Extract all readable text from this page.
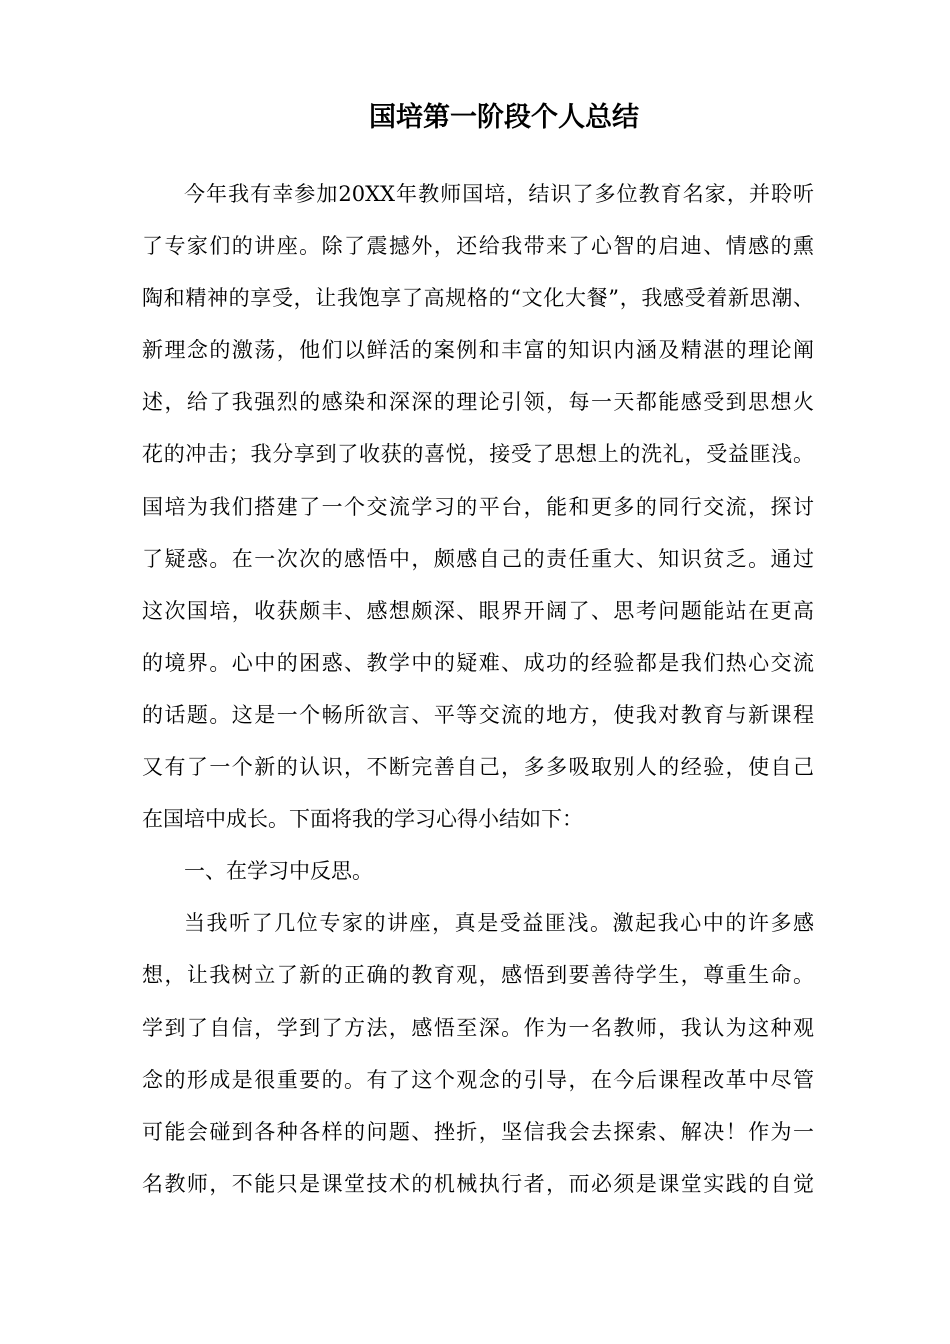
国培第一阶段个人总结
今年我有幸参加20XX年教师国培，结识了多位教育名家，并聆听
了专家们的讲座。除了震撼外，还给我带来了心智的启迪、情感的熏
陶和精神的享受，让我饱享了高规格的“文化大餐”，我感受着新思潮、
新理念的激荡，他们以鲜活的案例和丰富的知识内涵及精湛的理论阐
述，给了我强烈的感染和深深的理论引领，每一天都能感受到思想火
花的冲击；我分享到了收获的喜悦，接受了思想上的洗礼，受益匪浅。
国培为我们搭建了一个交流学习的平台，能和更多的同行交流，探讨
了疑惑。在一次次的感悟中，颇感自己的责任重大、知识贫乏。通过
这次国培，收获颇丰、感想颇深、眼界开阔了、思考问题能站在更高
的境界。心中的困惑、教学中的疑难、成功的经验都是我们热心交流
的话题。这是一个畅所欲言、平等交流的地方，使我对教育与新课程
又有了一个新的认识，不断完善自己，多多吸取别人的经验，使自己
在国培中成长。下面将我的学习心得小结如下：
一、在学习中反思。
当我听了几位专家的讲座，真是受益匪浅。激起我心中的许多感
想，让我树立了新的正确的教育观，感悟到要善待学生，尊重生命。
学到了自信，学到了方法，感悟至深。作为一名教师，我认为这种观
念的形成是很重要的。有了这个观念的引导，在今后课程改革中尽管
可能会碰到各种各样的问题、挫折，坚信我会去探索、解决！作为一
名教师，不能只是课堂技术的机械执行者，而必须是课堂实践的自觉
